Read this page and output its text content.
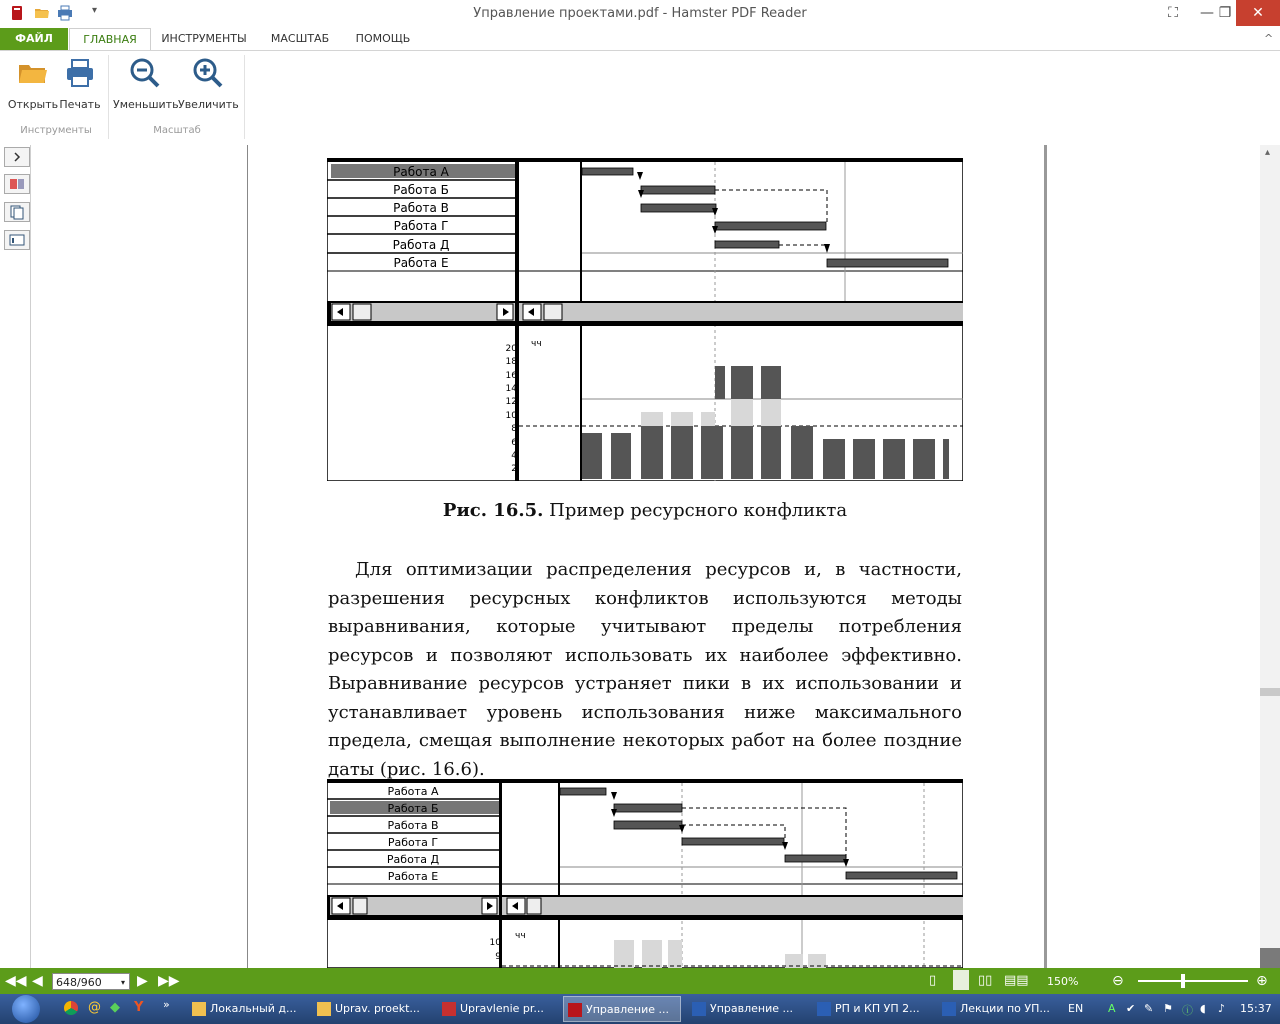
▾	Управление проектами.pdf - Hamster PDF Reader	⛶	— ❐	✕
ФАЙЛ	ГЛАВНАЯ	ИНСТРУМЕНТЫ	МАСШТАБ	ПОМОЩЬ	^
Открыть Печать Уменьшить Увеличить
Инструменты	Масштаб
Работа А
Работа Б
Работа В
Работа Г
Работа Д
Работа Е
чч
20
18
16
14
12
10
8
6
4
2
Рис. 16.5. Пример ресурсного конфликта
Для оптимизации распределения ресурсов и, в частности, разрешения ресурсных конфликтов используются методы выравнивания, которые учитывают пределы потребления ресурсов и позволяют использовать их наиболее эффективно. Выравнивание ресурсов устраняет пики в их использовании и устанавливает уровень использования ниже максимального предела, смещая выполнение некоторых работ на более поздние даты (рис. 16.6).
Работа А
Работа Б
Работа В
Работа Г
Работа Д
Работа Е
чч
10
9
▴
◀◀ ◀	▶ ▶▶	▯	▯▯ ▤▤	⊖	⊕
648/960 ▾	150%
@ ◆ Y »	Локальный д...	Uprav. proekt...	Upravlenie pr...	Управление ...	Управление ...	РП и КП УП 2...	Лекции по УП...	EN A ✔ ✎ ⚑ ⓘ ◖ ♪ 15:37
